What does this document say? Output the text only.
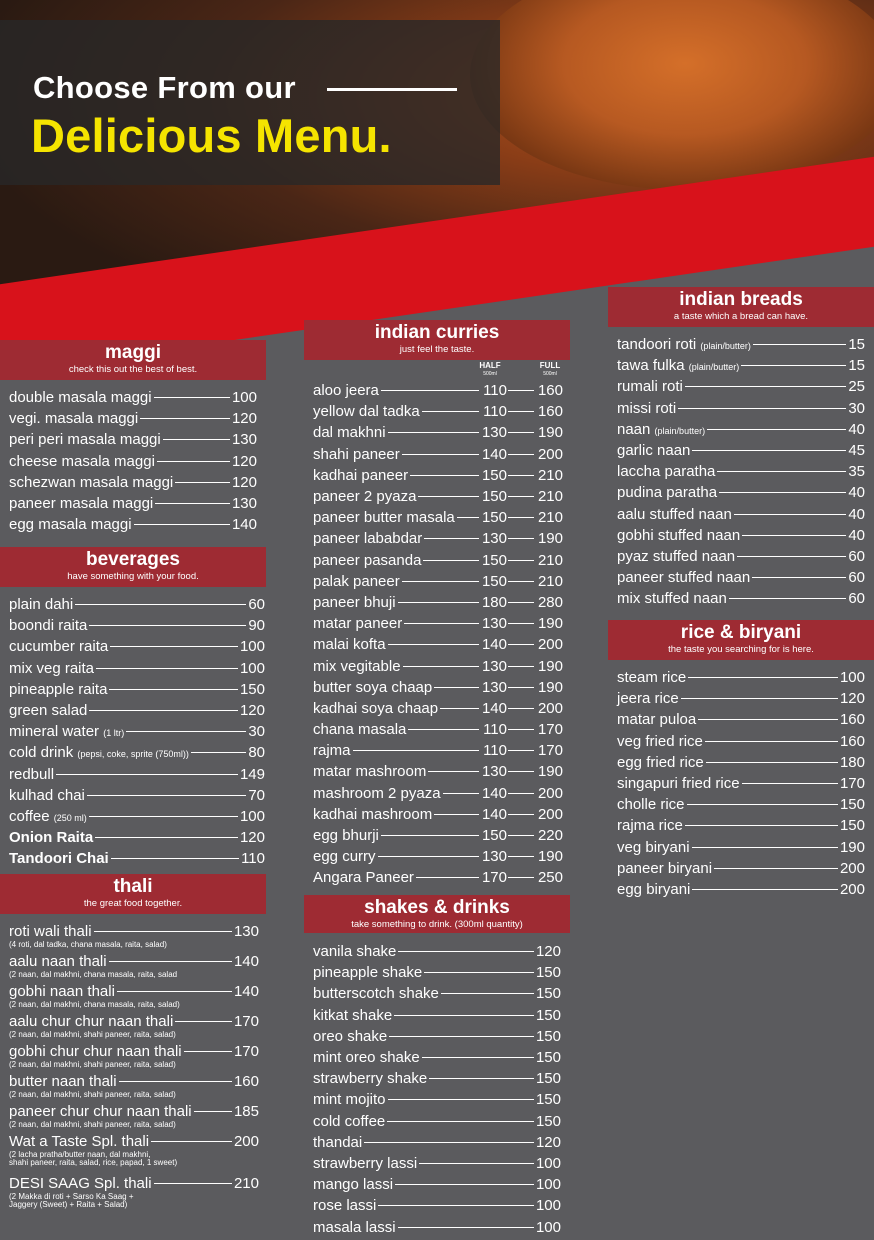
Choose From our
Delicious Menu.
maggi
check this out the best of best.
double masala maggi	100
vegi. masala maggi	120
peri peri masala maggi	130
cheese masala maggi	120
schezwan masala maggi	120
paneer masala maggi	130
egg masala maggi	140
beverages
have something with your food.
plain dahi	60
boondi raita	90
cucumber raita	100
mix veg raita	100
pineapple raita	150
green salad	120
mineral water (1 ltr)	30
cold drink (pepsi, coke, sprite (750ml))	80
redbull	149
kulhad chai	70
coffee (250 ml)	100
Onion Raita	120
Tandoori Chai	110
thali
the great food together.
roti wali thali	130
(4 roti, dal tadka, chana masala, raita, salad)
aalu naan thali	140
(2 naan, dal makhni, chana masala, raita, salad
gobhi naan thali	140
(2 naan, dal makhni, chana masala, raita, salad)
aalu chur chur naan thali	170
(2 naan, dal makhni, shahi paneer, raita, salad)
gobhi chur chur naan thali	170
(2 naan, dal makhni, shahi paneer, raita, salad)
butter naan thali	160
(2 naan, dal makhni, shahi paneer, raita, salad)
paneer chur chur naan thali	185
(2 naan, dal makhni, shahi paneer, raita, salad)
Wat a Taste Spl. thali	200
(2 lacha pratha/butter naan, dal makhni,
shahi paneer, raita, salad, rice, papad, 1 sweet)
DESI SAAG Spl. thali	210
(2 Makka di roti + Sarso Ka Saag +
Jaggery (Sweet) + Raita + Salad)
indian curries
just feel the taste.
HALF
500ml
FULL
500ml
aloo jeera	110 160
yellow dal tadka	110 160
dal makhni	130 190
shahi paneer	140 200
kadhai paneer	150 210
paneer 2 pyaza	150 210
paneer butter masala 150 210
paneer lababdar	130 190
paneer pasanda	150 210
palak paneer	150 210
paneer bhuji	180 280
matar paneer	130 190
malai kofta	140 200
mix vegitable	130 190
butter soya chaap	130 190
kadhai soya chaap	140 200
chana masala	110 170
rajma	110 170
matar mashroom	130 190
mashroom 2 pyaza	140 200
kadhai mashroom	140 200
egg bhurji	150 220
egg curry	130 190
Angara Paneer	170 250
shakes & drinks
take something to drink. (300ml quantity)
vanila shake	120
pineapple shake	150
butterscotch shake	150
kitkat shake	150
oreo shake	150
mint oreo shake	150
strawberry shake	150
mint mojito	150
cold coffee	150
thandai	120
strawberry lassi	100
mango lassi	100
rose lassi	100
masala lassi	100
indian breads
a taste which a bread can have.
tandoori roti (plain/butter)	15
tawa fulka (plain/butter)	15
rumali roti	25
missi roti	30
naan (plain/butter)	40
garlic naan	45
laccha paratha	35
pudina paratha	40
aalu stuffed naan	40
gobhi stuffed naan	40
pyaz stuffed naan	60
paneer stuffed naan	60
mix stuffed naan	60
rice & biryani
the taste you searching for is here.
steam rice	100
jeera rice	120
matar puloa	160
veg fried rice	160
egg fried rice	180
singapuri fried rice	170
cholle rice	150
rajma rice	150
veg biryani	190
paneer biryani	200
egg biryani	200
